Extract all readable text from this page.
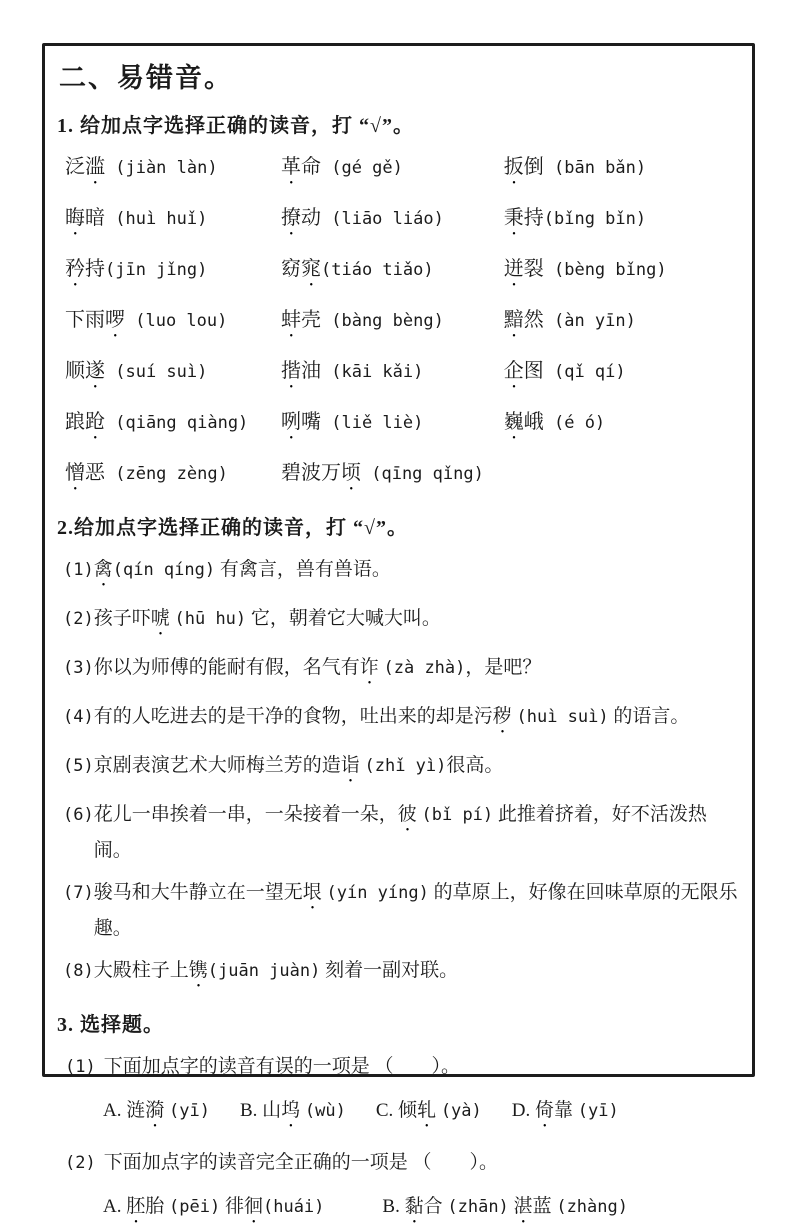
二、易错音。
1. 给加点字选择正确的读音，打 “√”。
泛滥 (jiàn làn)	革命 (gé gě)	扳倒 (bān bǎn)
晦暗 (huì huǐ)	撩动 (liāo liáo)	秉持(bǐng bǐn)
矜持(jīn jǐng)	窈窕(tiáo tiǎo)	迸裂 (bèng bǐng)
下雨啰 (luo lou)	蚌壳 (bàng bèng)	黯然 (àn yīn)
顺遂 (suí suì)	揩油 (kāi kǎi)	企图 (qǐ qí)
踉跄 (qiāng qiàng)	咧嘴 (liě liè)	巍峨 (é ó)
憎恶 (zēng zèng)	碧波万顷 (qīng qǐng)
2.给加点字选择正确的读音，打 “√”。
(1) 禽(qín qíng) 有禽言，兽有兽语。
(2) 孩子吓唬 (hū hu) 它，朝着它大喊大叫。
(3) 你以为师傅的能耐有假，名气有诈 (zà zhà)，是吧？
(4) 有的人吃进去的是干净的食物，吐出来的却是污秽 (huì suì) 的语言。
(5) 京剧表演艺术大师梅兰芳的造诣 (zhǐ yì)很高。
(6) 花儿一串挨着一串，一朵接着一朵，彼 (bǐ pí) 此推着挤着，好不活泼热闹。
(7) 骏马和大牛静立在一望无垠 (yín yíng) 的草原上，好像在回味草原的无限乐趣。
(8) 大殿柱子上镌(juān juàn) 刻着一副对联。
3. 选择题。
(1) 下面加点字的读音有误的一项是 （　　）。
A. 涟漪 (yī) B. 山坞 (wù) C. 倾轧 (yà) D. 倚靠 (yī)
(2) 下面加点字的读音完全正确的一项是 （　　）。
A. 胚胎 (pēi) 徘徊(huái)	B. 黏合 (zhān) 湛蓝 (zhàng)
